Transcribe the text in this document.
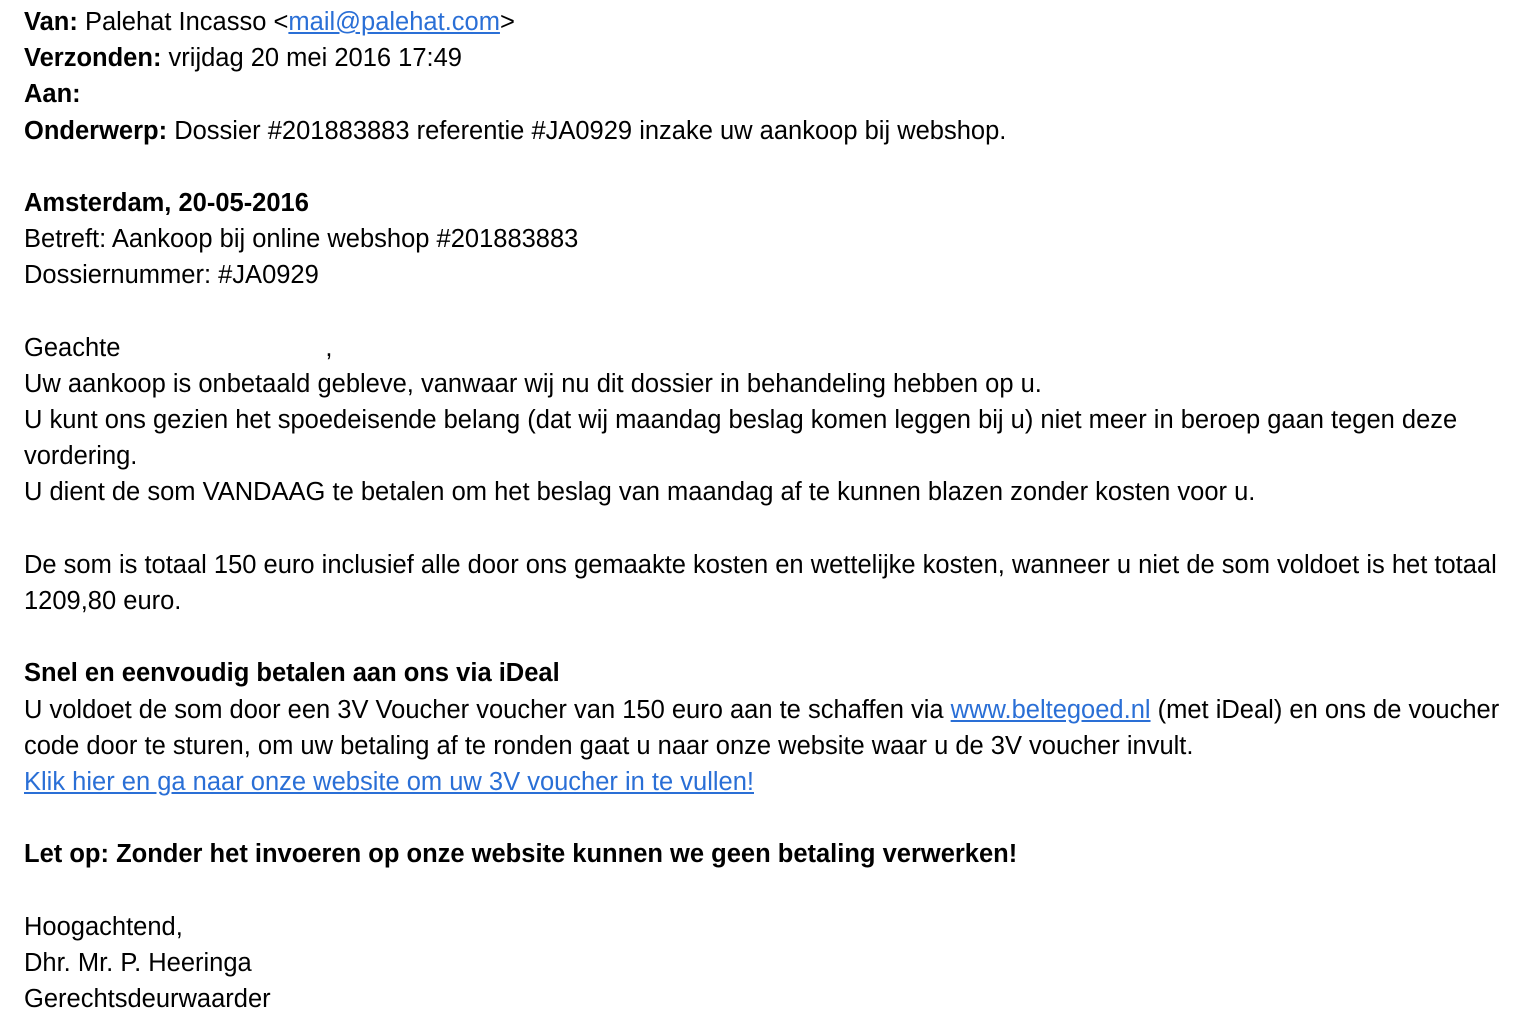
Van: Palehat Incasso <mail@palehat.com>
Verzonden: vrijdag 20 mei 2016 17:49
Aan:
Onderwerp: Dossier #201883883 referentie #JA0929 inzake uw aankoop bij webshop.
Amsterdam, 20-05-2016
Betreft: Aankoop bij online webshop #201883883
Dossiernummer: #JA0929
Geachte	,
Uw aankoop is onbetaald gebleve, vanwaar wij nu dit dossier in behandeling hebben op u.
U kunt ons gezien het spoedeisende belang (dat wij maandag beslag komen leggen bij u) niet meer in beroep gaan tegen deze vordering.
U dient de som VANDAAG te betalen om het beslag van maandag af te kunnen blazen zonder kosten voor u.
De som is totaal 150 euro inclusief alle door ons gemaakte kosten en wettelijke kosten, wanneer u niet de som voldoet is het totaal 1209,80 euro.
Snel en eenvoudig betalen aan ons via iDeal
U voldoet de som door een 3V Voucher voucher van 150 euro aan te schaffen via www.beltegoed.nl (met iDeal) en ons de voucher code door te sturen, om uw betaling af te ronden gaat u naar onze website waar u de 3V voucher invult.
Klik hier en ga naar onze website om uw 3V voucher in te vullen!
Let op: Zonder het invoeren op onze website kunnen we geen betaling verwerken!
Hoogachtend,
Dhr. Mr. P. Heeringa
Gerechtsdeurwaarder
